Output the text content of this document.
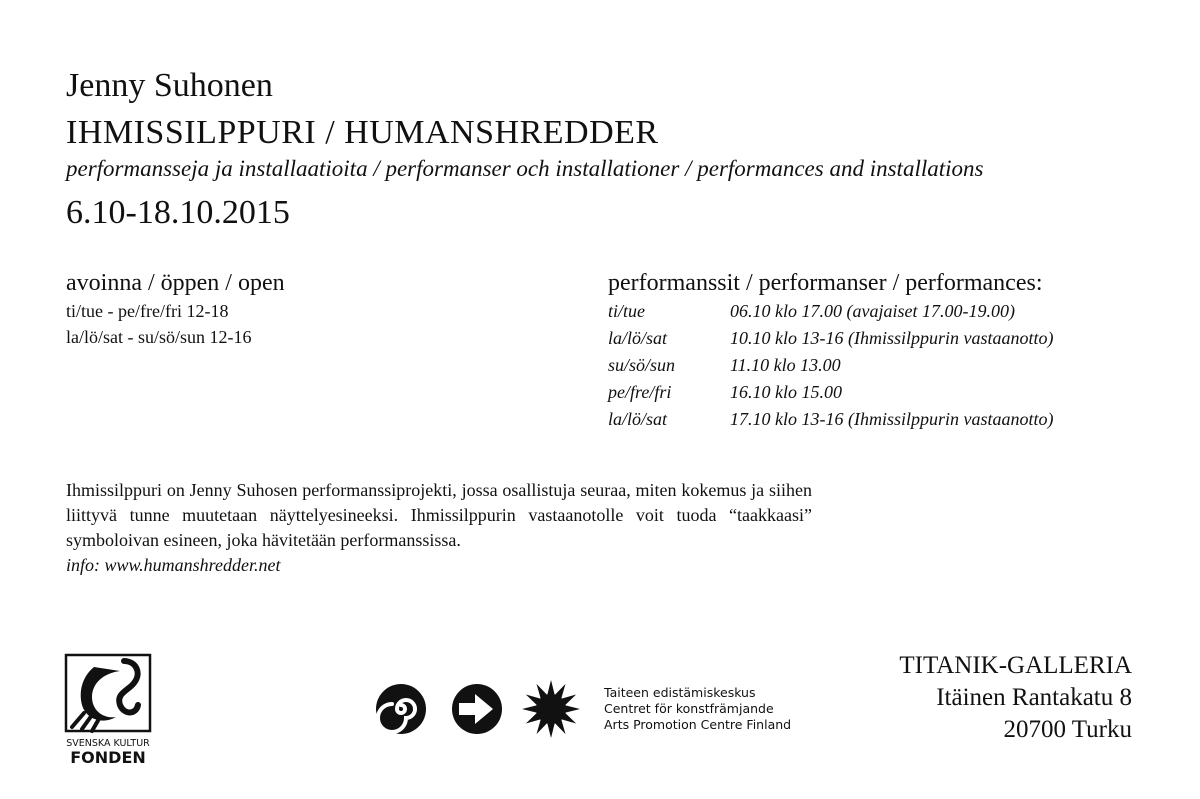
Jenny Suhonen
IHMISSILPPURI / HUMANSHREDDER
performansseja ja installaatioita / performanser och installationer / performances and installations
6.10-18.10.2015
avoinna / öppen / open
ti/tue - pe/fre/fri 12-18
la/lö/sat - su/sö/sun 12-16
performanssit / performanser / performances:
ti/tue	06.10 klo 17.00 (avajaiset 17.00-19.00)
la/lö/sat	10.10 klo 13-16 (Ihmissilppurin vastaanotto)
su/sö/sun	11.10 klo 13.00
pe/fre/fri	16.10 klo 15.00
la/lö/sat	17.10 klo 13-16 (Ihmissilppurin vastaanotto)

Ihmissilppuri on Jenny Suhosen performanssiprojekti, jossa osallistuja seuraa, miten kokemus ja siihen liittyvä tunne muutetaan näyttelyesineeksi. Ihmissilppurin vastaanotolle voit tuoda “taakkaasi” symboloivan esineen, joka hävitetään performanssissa.

info: www.humanshredder.net

SVENSKA KULTUR
FONDEN
Taiteen edistämiskeskus
Centret för konstfrämjande
Arts Promotion Centre Finland
TITANIK-GALLERIA
Itäinen Rantakatu 8
20700 Turku
